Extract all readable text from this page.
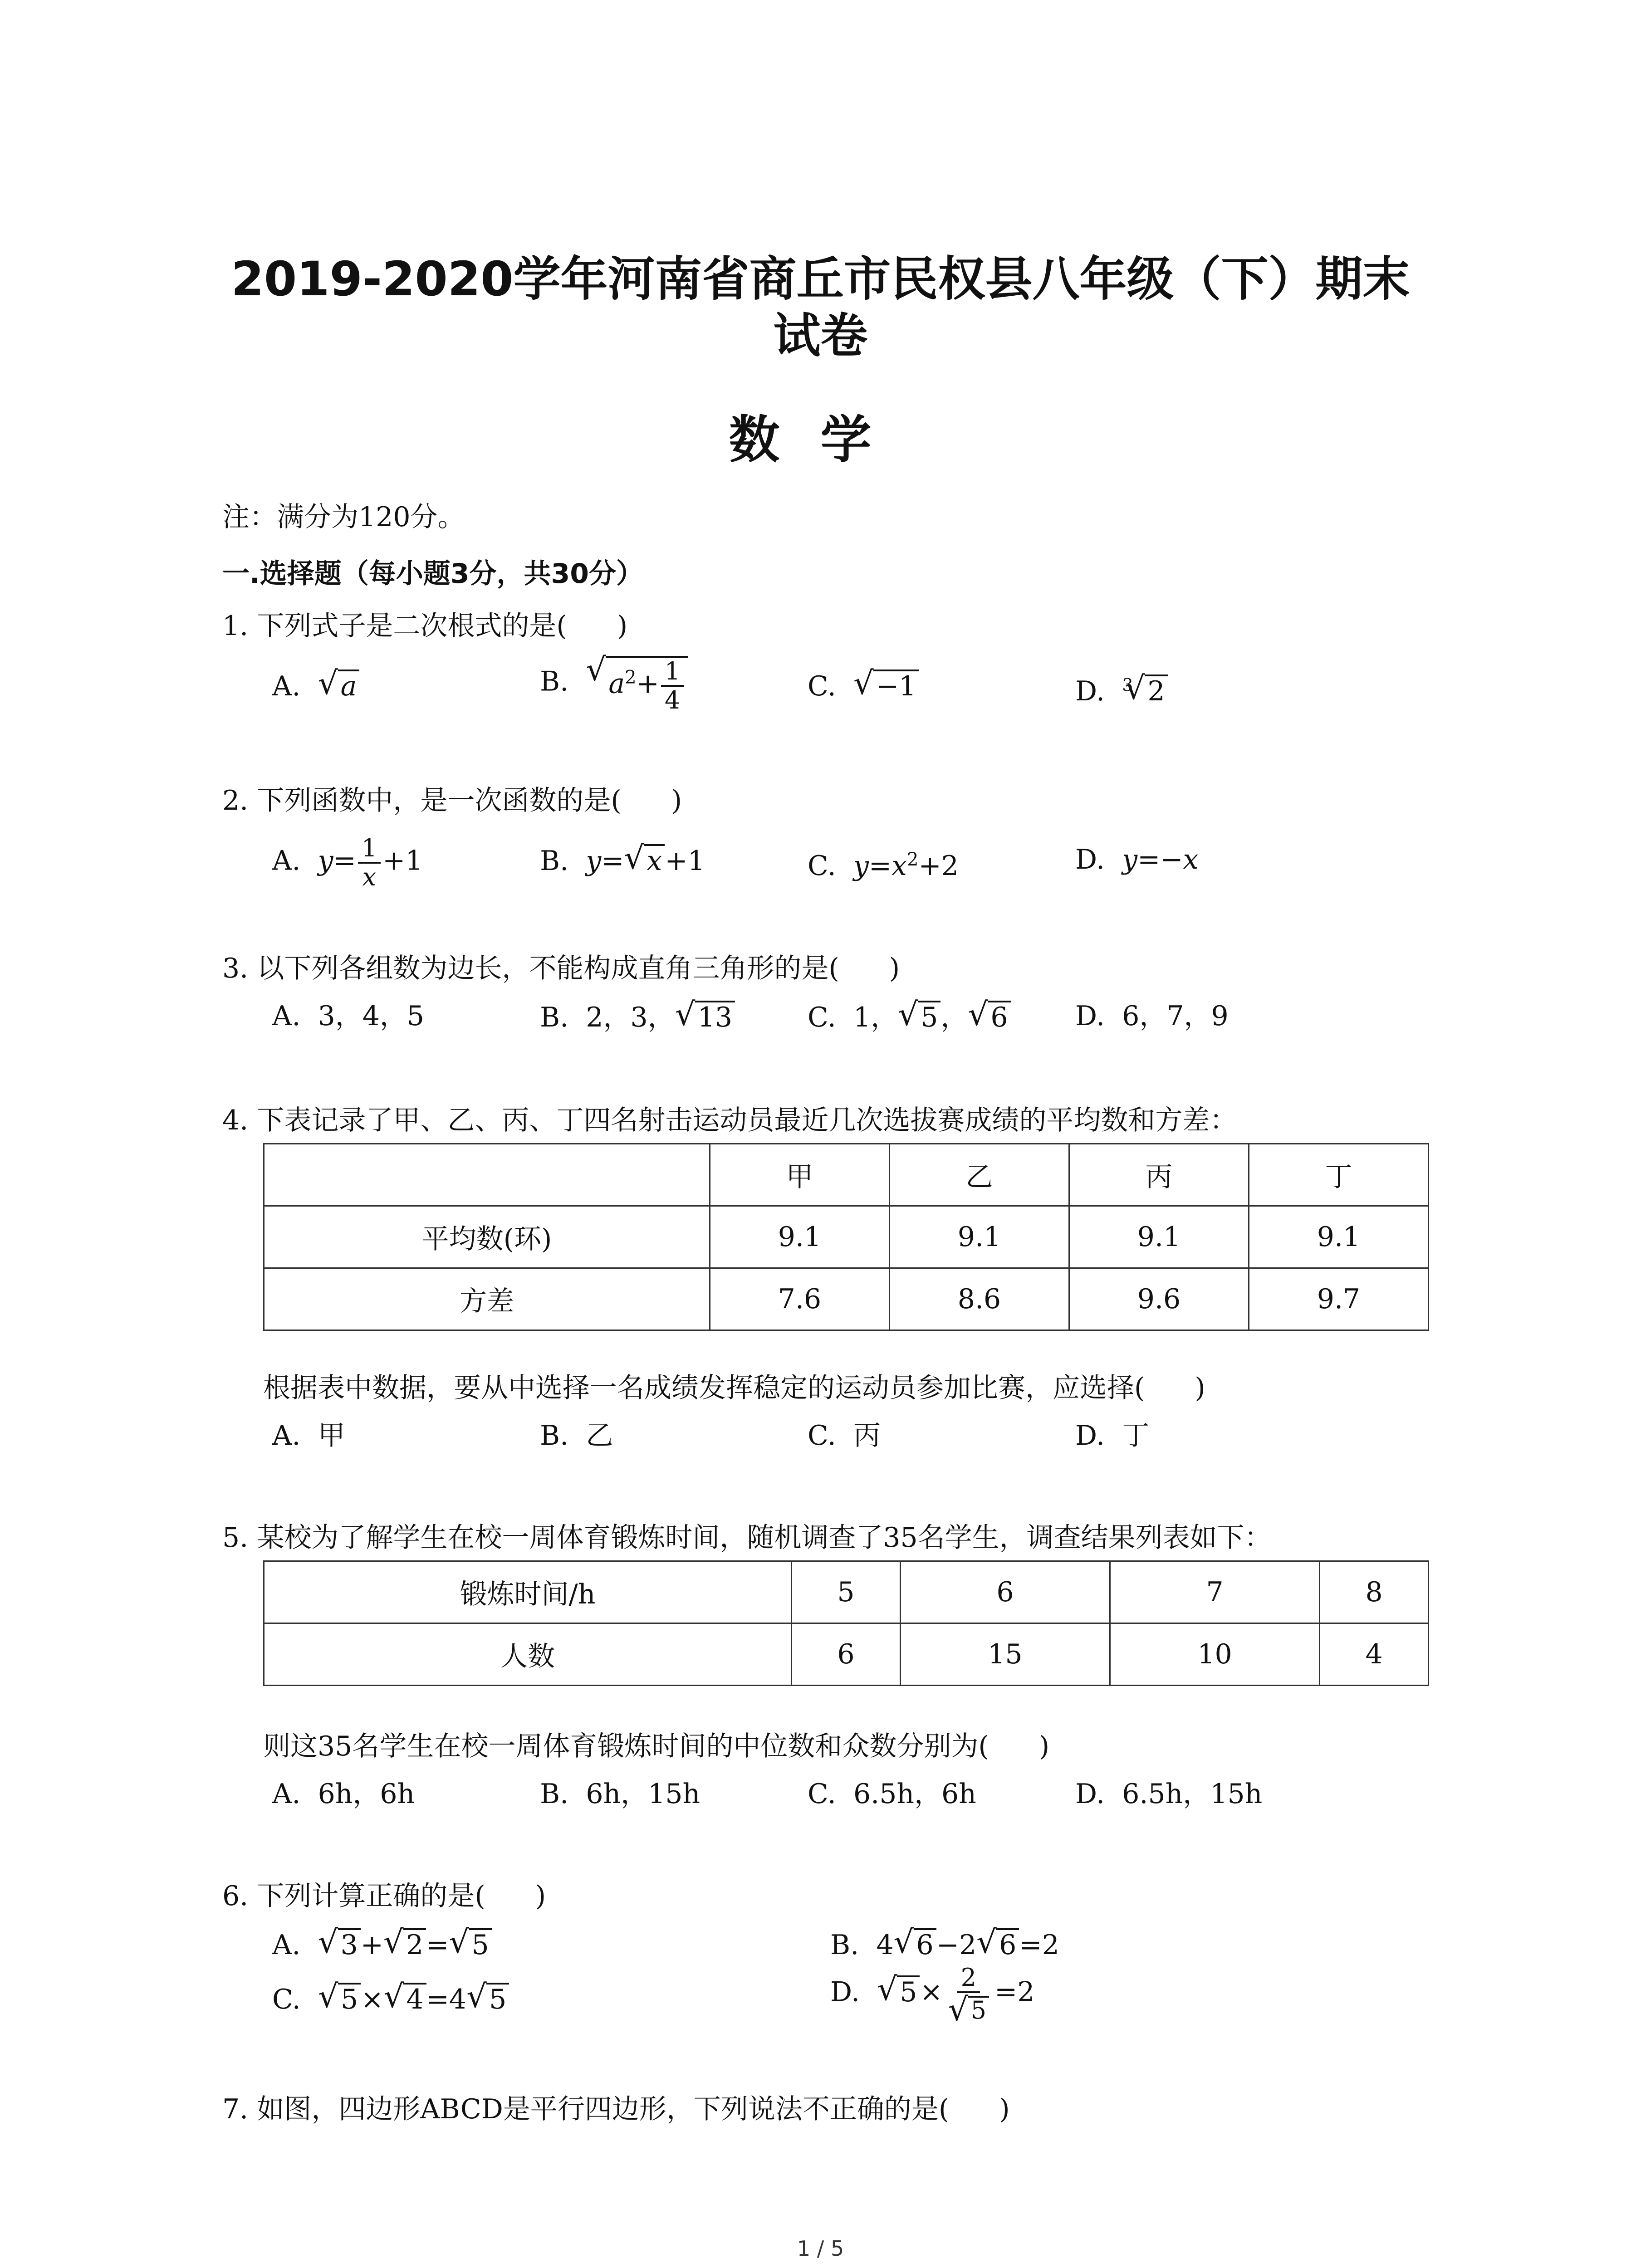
2019-2020学年河南省商丘市民权县八年级（下）期末
试卷
数学
注：满分为120分。
一.选择题（每小题3分，共30分）
1. 下列式子是二次根式的是( )
A. √ a	B. √ $a^2+ \frac{1}{4}$	C. √ −1	D. $^3$ √ 2
2. 下列函数中，是一次函数的是( )
A. $y= \frac{1}{x} +1$	B. y= √ x +1	C. $y=x^2+2$	D. y=−x
3. 以下列各组数为边长，不能构成直角三角形的是( )
A. 3，4，5	B. 2，3， √ 13	C. 1， √ 5 ， √ 6 D. 6，7，9
4. 下表记录了甲、乙、丙、丁四名射击运动员最近几次选拔赛成绩的平均数和方差：
	甲	乙	丙	丁
平均数(环)	9.1	9.1	9.1	9.1
方差	7.6	8.6	9.6	9.7
根据表中数据，要从中选择一名成绩发挥稳定的运动员参加比赛，应选择( )
A. 甲	B. 乙	C. 丙	D. 丁
5. 某校为了解学生在校一周体育锻炼时间，随机调查了35名学生，调查结果列表如下：
锻炼时间/h	5	6	7	8
人数	6	15	10	4
则这35名学生在校一周体育锻炼时间的中位数和众数分别为( )
A. 6h，6h	B. 6h，15h	C. 6.5h，6h	D. 6.5h，15h
6. 下列计算正确的是( )
A. √ 3 + √ 2 = √ 5	B. 4 √ 6 −2 √ 6 =2
C. √ 5 × √ 4 =4 √ 5	D. √ 5 × 2
√ 5 =2
7. 如图，四边形ABCD是平行四边形，下列说法不正确的是( )
1 / 5
